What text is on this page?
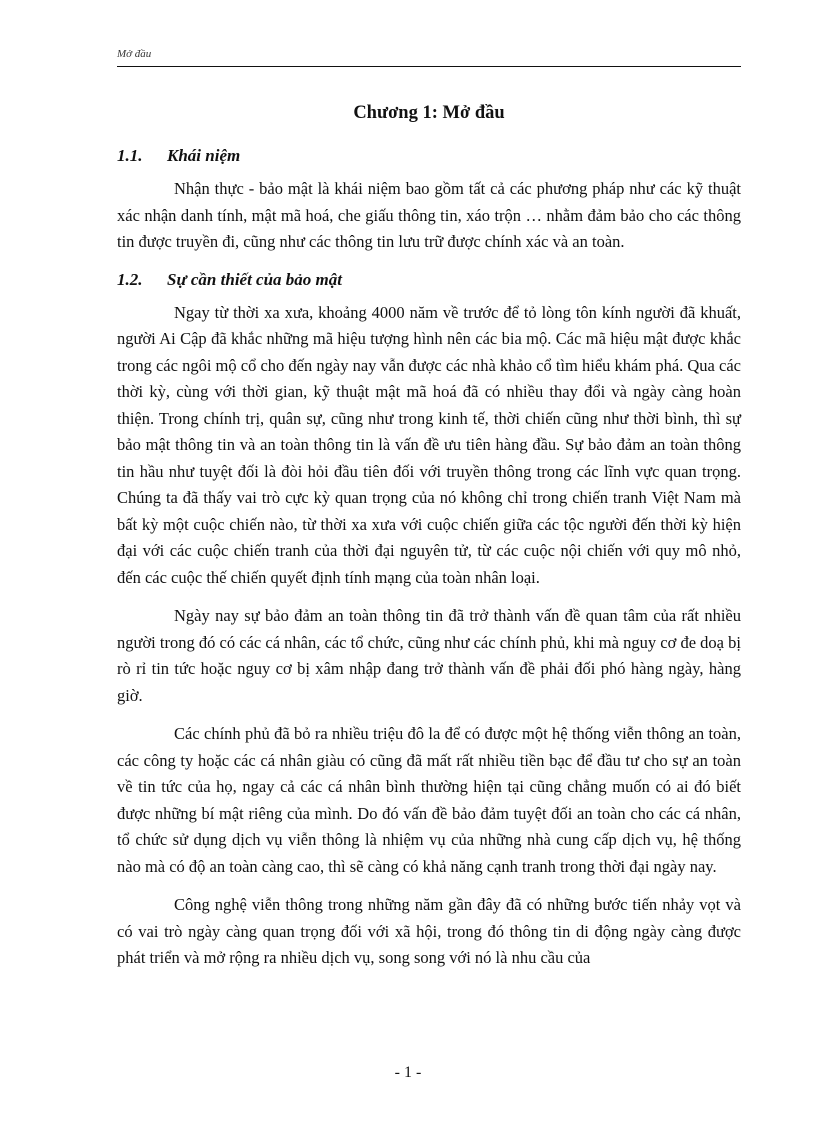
Mở đầu
Chương 1: Mở đầu
1.1.	Khái niệm

Nhận thực - bảo mật là khái niệm bao gồm tất cả các phương pháp như các kỹ thuật xác nhận danh tính, mật mã hoá, che giấu thông tin, xáo trộn … nhằm đảm bảo cho các thông tin được truyền đi, cũng như các thông tin lưu trữ được chính xác và an toàn.

1.2.	Sự cần thiết của bảo mật

Ngay từ thời xa xưa, khoảng 4000 năm về trước để tỏ lòng tôn kính người đã khuất, người Ai Cập đã khắc những mã hiệu tượng hình nên các bia mộ. Các mã hiệu mật được khắc trong các ngôi mộ cổ cho đến ngày nay vẫn được các nhà khảo cổ tìm hiểu khám phá. Qua các thời kỳ, cùng với thời gian, kỹ thuật mật mã hoá đã có nhiều thay đổi và ngày càng hoàn thiện. Trong chính trị, quân sự, cũng như trong kinh tế, thời chiến cũng như thời bình, thì sự bảo mật thông tin và an toàn thông tin là vấn đề ưu tiên hàng đầu. Sự bảo đảm an toàn thông tin hầu như tuyệt đối là đòi hỏi đầu tiên đối với truyền thông trong các lĩnh vực quan trọng. Chúng ta đã thấy vai trò cực kỳ quan trọng của nó không chỉ trong chiến tranh Việt Nam mà bất kỳ một cuộc chiến nào, từ thời xa xưa với cuộc chiến giữa các tộc người đến thời kỳ hiện đại với các cuộc chiến tranh của thời đại nguyên tử, từ các cuộc nội chiến với quy mô nhỏ, đến các cuộc thế chiến quyết định tính mạng của toàn nhân loại.

Ngày nay sự bảo đảm an toàn thông tin đã trở thành vấn đề quan tâm của rất nhiều người trong đó có các cá nhân, các tổ chức, cũng như các chính phủ, khi mà nguy cơ đe doạ bị rò rỉ tin tức hoặc nguy cơ bị xâm nhập đang trở thành vấn đề phải đối phó hàng ngày, hàng giờ.

Các chính phủ đã bỏ ra nhiều triệu đô la để có được một hệ thống viễn thông an toàn, các công ty hoặc các cá nhân giàu có cũng đã mất rất nhiều tiền bạc để đầu tư cho sự an toàn về tin tức của họ, ngay cả các cá nhân bình thường hiện tại cũng chẳng muốn có ai đó biết được những bí mật riêng của mình. Do đó vấn đề bảo đảm tuyệt đối an toàn cho các cá nhân, tổ chức sử dụng dịch vụ viễn thông là nhiệm vụ của những nhà cung cấp dịch vụ, hệ thống nào mà có độ an toàn càng cao, thì sẽ càng có khả năng cạnh tranh trong thời đại ngày nay.

Công nghệ viễn thông trong những năm gần đây đã có những bước tiến nhảy vọt và có vai trò ngày càng quan trọng đối với xã hội, trong đó thông tin di động ngày càng được phát triển và mở rộng ra nhiều dịch vụ, song song với nó là nhu cầu của

- 1 -
